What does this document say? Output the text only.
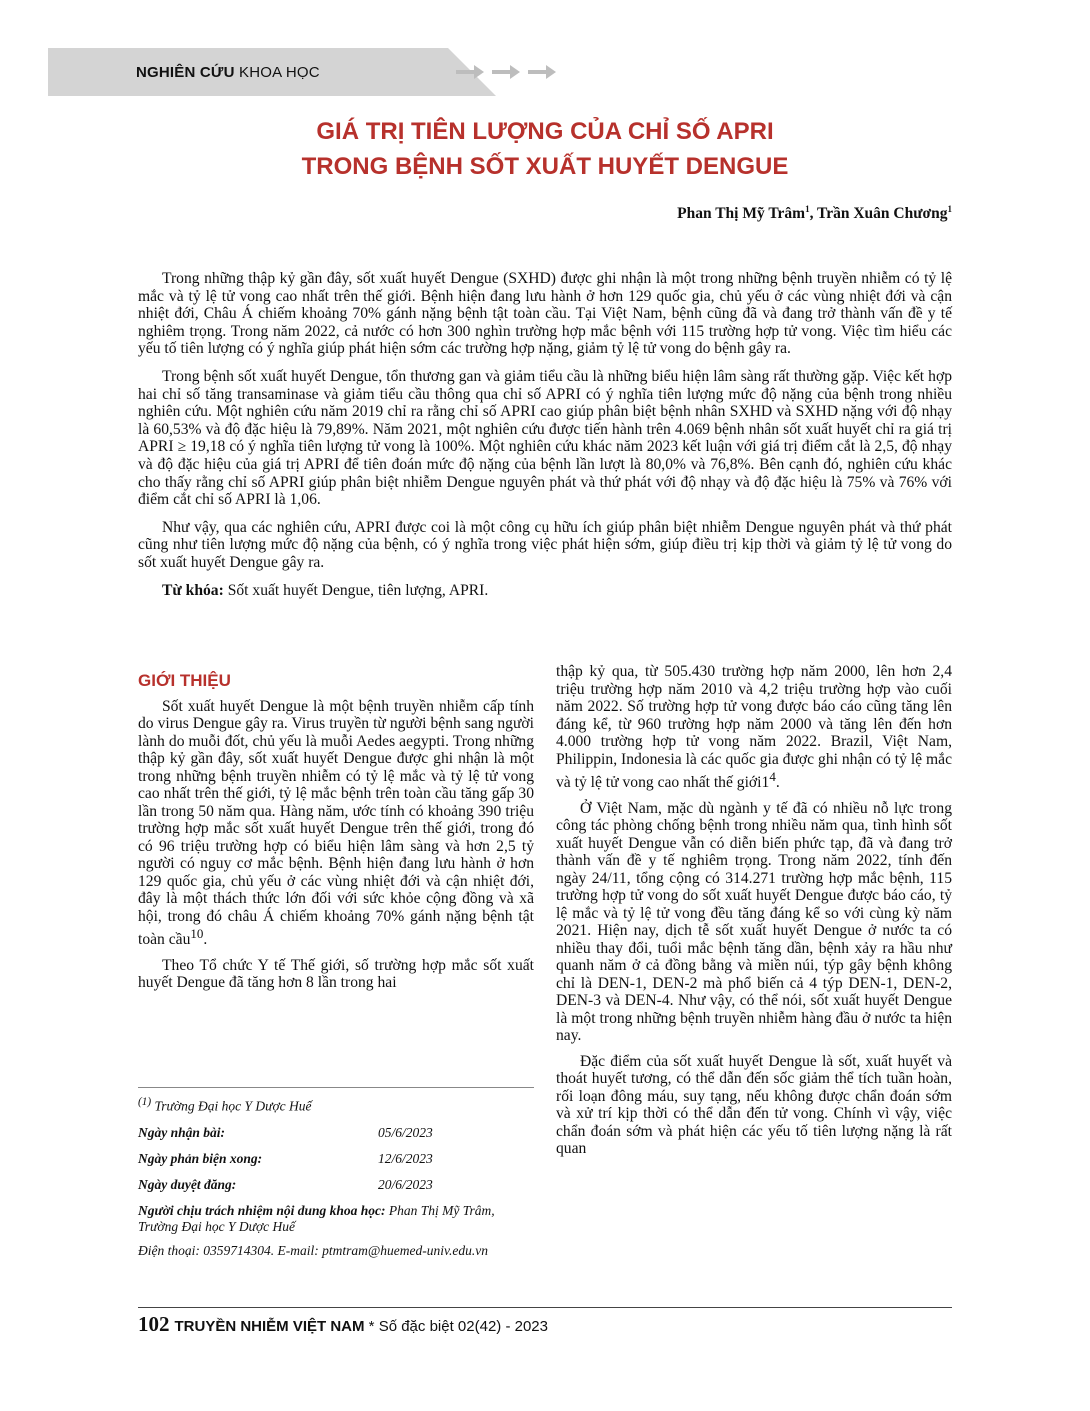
NGHIÊN CỨU KHOA HỌC
GIÁ TRỊ TIÊN LƯỢNG CỦA CHỈ SỐ APRI
TRONG BỆNH SỐT XUẤT HUYẾT DENGUE
Phan Thị Mỹ Trâm$^1$, Trần Xuân Chương$^1$

Trong những thập kỷ gần đây, sốt xuất huyết Dengue (SXHD) được ghi nhận là một trong những bệnh truyền nhiễm có tỷ lệ mắc và tỷ lệ tử vong cao nhất trên thế giới. Bệnh hiện đang lưu hành ở hơn 129 quốc gia, chủ yếu ở các vùng nhiệt đới và cận nhiệt đới, Châu Á chiếm khoảng 70% gánh nặng bệnh tật toàn cầu. Tại Việt Nam, bệnh cũng đã và đang trở thành vấn đề y tế nghiêm trọng. Trong năm 2022, cả nước có hơn 300 nghìn trường hợp mắc bệnh với 115 trường hợp tử vong. Việc tìm hiểu các yếu tố tiên lượng có ý nghĩa giúp phát hiện sớm các trường hợp nặng, giảm tỷ lệ tử vong do bệnh gây ra.

Trong bệnh sốt xuất huyết Dengue, tổn thương gan và giảm tiểu cầu là những biểu hiện lâm sàng rất thường gặp. Việc kết hợp hai chỉ số tăng transaminase và giảm tiểu cầu thông qua chỉ số APRI có ý nghĩa tiên lượng mức độ nặng của bệnh trong nhiều nghiên cứu. Một nghiên cứu năm 2019 chỉ ra rằng chỉ số APRI cao giúp phân biệt bệnh nhân SXHD và SXHD nặng với độ nhạy là 60,53% và độ đặc hiệu là 79,89%. Năm 2021, một nghiên cứu được tiến hành trên 4.069 bệnh nhân sốt xuất huyết chỉ ra giá trị APRI ≥ 19,18 có ý nghĩa tiên lượng tử vong là 100%. Một nghiên cứu khác năm 2023 kết luận với giá trị điểm cắt là 2,5, độ nhạy và độ đặc hiệu của giá trị APRI để tiên đoán mức độ nặng của bệnh lần lượt là 80,0% và 76,8%. Bên cạnh đó, nghiên cứu khác cho thấy rằng chỉ số APRI giúp phân biệt nhiễm Dengue nguyên phát và thứ phát với độ nhạy và độ đặc hiệu là 75% và 76% với điểm cắt chỉ số APRI là 1,06.

Như vậy, qua các nghiên cứu, APRI được coi là một công cụ hữu ích giúp phân biệt nhiễm Dengue nguyên phát và thứ phát cũng như tiên lượng mức độ nặng của bệnh, có ý nghĩa trong việc phát hiện sớm, giúp điều trị kịp thời và giảm tỷ lệ tử vong do sốt xuất huyết Dengue gây ra.

Từ khóa: Sốt xuất huyết Dengue, tiên lượng, APRI.

GIỚI THIỆU

Sốt xuất huyết Dengue là một bệnh truyền nhiễm cấp tính do virus Dengue gây ra. Virus truyền từ người bệnh sang người lành do muỗi đốt, chủ yếu là muỗi Aedes aegypti. Trong những thập kỷ gần đây, sốt xuất huyết Dengue được ghi nhận là một trong những bệnh truyền nhiễm có tỷ lệ mắc và tỷ lệ tử vong cao nhất trên thế giới, tỷ lệ mắc bệnh trên toàn cầu tăng gấp 30 lần trong 50 năm qua. Hàng năm, ước tính có khoảng 390 triệu trường hợp mắc sốt xuất huyết Dengue trên thế giới, trong đó có 96 triệu trường hợp có biểu hiện lâm sàng và hơn 2,5 tỷ người có nguy cơ mắc bệnh. Bệnh hiện đang lưu hành ở hơn 129 quốc gia, chủ yếu ở các vùng nhiệt đới và cận nhiệt đới, đây là một thách thức lớn đối với sức khỏe cộng đồng và xã hội, trong đó châu Á chiếm khoảng 70% gánh nặng bệnh tật toàn cầu$^{10}$.

Theo Tổ chức Y tế Thế giới, số trường hợp mắc sốt xuất huyết Dengue đã tăng hơn 8 lần trong hai

thập kỷ qua, từ 505.430 trường hợp năm 2000, lên hơn 2,4 triệu trường hợp năm 2010 và 4,2 triệu trường hợp vào cuối năm 2022. Số trường hợp tử vong được báo cáo cũng tăng lên đáng kể, từ 960 trường hợp năm 2000 và tăng lên đến hơn 4.000 trường hợp tử vong năm 2022. Brazil, Việt Nam, Philippin, Indonesia là các quốc gia được ghi nhận có tỷ lệ mắc và tỷ lệ tử vong cao nhất thế $giới1^4$.

Ở Việt Nam, mặc dù ngành y tế đã có nhiều nỗ lực trong công tác phòng chống bệnh trong nhiều năm qua, tình hình sốt xuất huyết Dengue vẫn có diễn biến phức tạp, đã và đang trở thành vấn đề y tế nghiêm trọng. Trong năm 2022, tính đến ngày 24/11, tổng cộng có 314.271 trường hợp mắc bệnh, 115 trường hợp tử vong do sốt xuất huyết Dengue được báo cáo, tỷ lệ mắc và tỷ lệ tử vong đều tăng đáng kể so với cùng kỳ năm 2021. Hiện nay, dịch tễ sốt xuất huyết Dengue ở nước ta có nhiều thay đổi, tuổi mắc bệnh tăng dần, bệnh xảy ra hầu như quanh năm ở cả đồng bằng và miền núi, týp gây bệnh không chỉ là DEN-1, DEN-2 mà phổ biến cả 4 týp DEN-1, DEN-2, DEN-3 và DEN-4. Như vậy, có thể nói, sốt xuất huyết Dengue là một trong những bệnh truyền nhiễm hàng đầu ở nước ta hiện nay.

Đặc điểm của sốt xuất huyết Dengue là sốt, xuất huyết và thoát huyết tương, có thể dẫn đến sốc giảm thể tích tuần hoàn, rối loạn đông máu, suy tạng, nếu không được chẩn đoán sớm và xử trí kịp thời có thể dẫn đến tử vong. Chính vì vậy, việc chẩn đoán sớm và phát hiện các yếu tố tiên lượng nặng là rất quan

$^{(1)}$ Trường Đại học Y Dược Huế
Ngày nhận bài:	05/6/2023
Ngày phản biện xong:	12/6/2023
Ngày duyệt đăng:	20/6/2023
Người chịu trách nhiệm nội dung khoa học: Phan Thị Mỹ Trâm, Trường Đại học Y Dược Huế
Điện thoại: 0359714304. E-mail: ptmtram@huemed-univ.edu.vn
102 TRUYỀN NHIỄM VIỆT NAM * Số đặc biệt 02(42) - 2023
